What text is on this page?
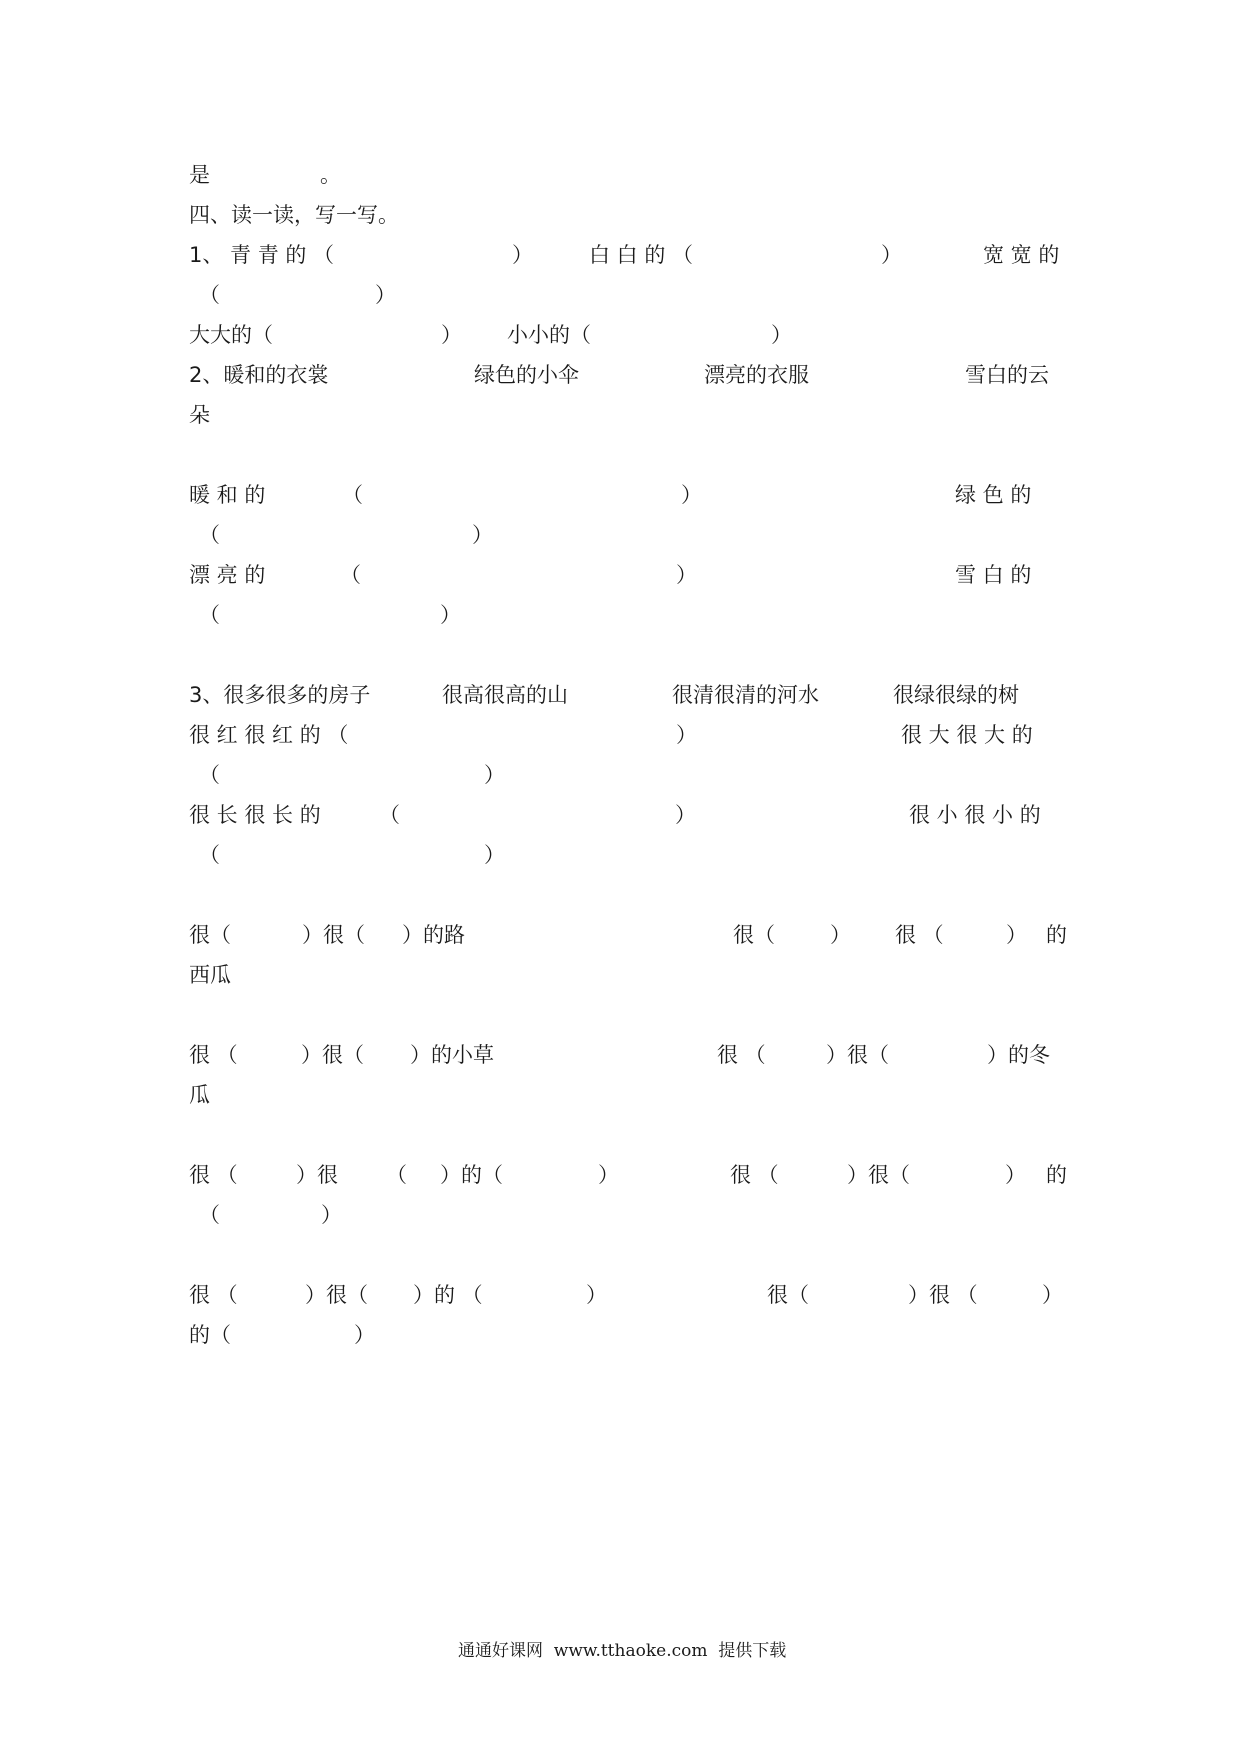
是	。
四、读一读，写一写。
1、 青 青 的 （	）	白 白 的 （	）	宽 宽 的
（	）
大大的（	） 小小的（	）
2、暖和的衣裳	绿色的小伞	漂亮的衣服	雪白的云
朵
暖 和 的	（	）	绿 色 的
（	）
漂 亮 的	（	）	雪 白 的
（	）
3、很多很多的房子	很高很高的山	很清很清的河水	很绿很绿的树
很 红 很 红 的 （	）	很 大 很 大 的
（	）
很 长 很 长 的	（	）	很 小 很 小 的
（	）
很（	）很（ ）的路	很（	） 很 （	） 的
西瓜
很 （	）很（ ）的小草	很 （	）很（	）的冬
瓜
很 （	）很 （ ）的（	）	很 （	）很（	） 的
（	）
很 （	）很（ ）的 （	）	很（	）很 （	）
的（	）
通通好课网  www.tthaoke.com  提供下载
